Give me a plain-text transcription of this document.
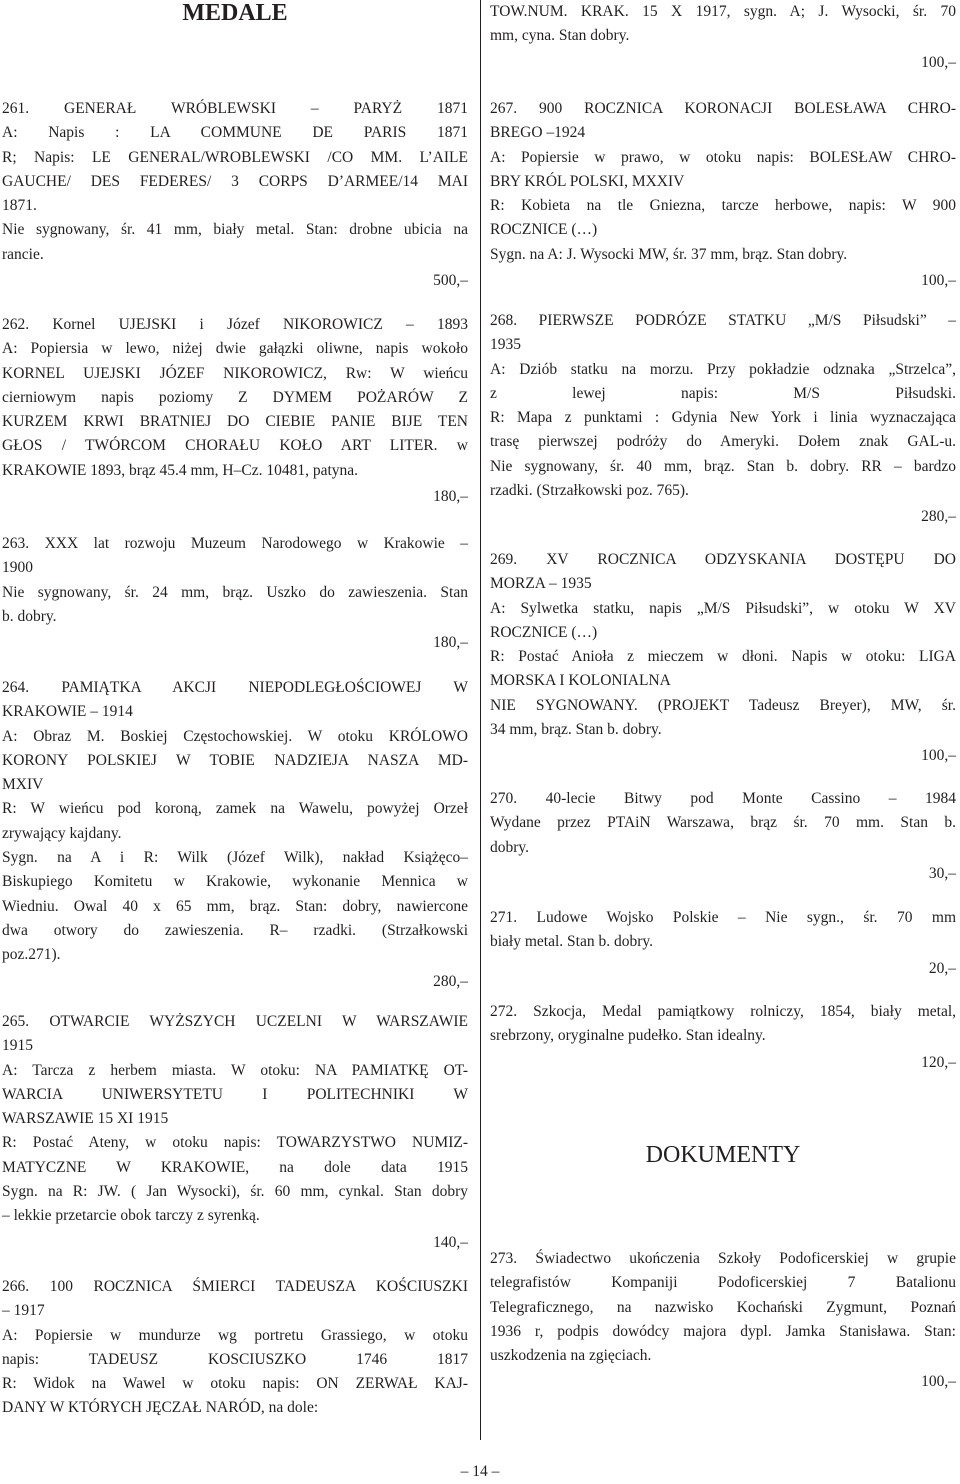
MEDALE
261. GENERAŁ WRÓBLEWSKI – PARYŻ 1871
A: Napis : LA COMMUNE DE PARIS 1871
R; Napis: LE GENERAL/WROBLEWSKI /CO MM. L’AILE
GAUCHE/ DES FEDERES/ 3 CORPS D’ARMEE/14 MAI
1871.
Nie sygnowany, śr. 41 mm, biały metal. Stan: drobne ubicia na
rancie.
500,–
262. Kornel UJEJSKI i Józef NIKOROWICZ – 1893
A: Popiersia w lewo, niżej dwie gałązki oliwne, napis wokoło
KORNEL UJEJSKI JÓZEF NIKOROWICZ, Rw: W wieńcu
cierniowym napis poziomy Z DYMEM POŻARÓW Z
KURZEM KRWI BRATNIEJ DO CIEBIE PANIE BIJE TEN
GŁOS / TWÓRCOM CHORAŁU KOŁO ART LITER. w
KRAKOWIE 1893, brąz 45.4 mm, H–Cz. 10481, patyna.
180,–
263. XXX lat rozwoju Muzeum Narodowego w Krakowie –
1900
Nie sygnowany, śr. 24 mm, brąz. Uszko do zawieszenia. Stan
b. dobry.
180,–
264. PAMIĄTKA AKCJI NIEPODLEGŁOŚCIOWEJ W
KRAKOWIE – 1914
A: Obraz M. Boskiej Częstochowskiej. W otoku KRÓLOWO
KORONY POLSKIEJ W TOBIE NADZIEJA NASZA MD-
MXIV
R: W wieńcu pod koroną, zamek na Wawelu, powyżej Orzeł
zrywający kajdany.
Sygn. na A i R: Wilk (Józef Wilk), nakład Książęco–
Biskupiego Komitetu w Krakowie, wykonanie Mennica w
Wiedniu. Owal 40 x 65 mm, brąz. Stan: dobry, nawiercone
dwa otwory do zawieszenia. R– rzadki. (Strzałkowski
poz.271).
280,–
265. OTWARCIE WYŻSZYCH UCZELNI W WARSZAWIE
1915
A: Tarcza z herbem miasta. W otoku: NA PAMIATKĘ OT-
WARCIA UNIWERSYTETU I POLITECHNIKI W
WARSZAWIE 15 XI 1915
R: Postać Ateny, w otoku napis: TOWARZYSTWO NUMIZ-
MATYCZNE W KRAKOWIE, na dole data 1915
Sygn. na R: JW. ( Jan Wysocki), śr. 60 mm, cynkal. Stan dobry
– lekkie przetarcie obok tarczy z syrenką.
140,–
266. 100 ROCZNICA ŚMIERCI TADEUSZA KOŚCIUSZKI
– 1917
A: Popiersie w mundurze wg portretu Grassiego, w otoku
napis: TADEUSZ KOSCIUSZKO 1746 1817
R: Widok na Wawel w otoku napis: ON ZERWAŁ KAJ-
DANY W KTÓRYCH JĘCZAŁ NARÓD, na dole:
DOKUMENTY
TOW.NUM. KRAK. 15 X 1917, sygn. A; J. Wysocki, śr. 70
mm, cyna. Stan dobry.
100,–
267. 900 ROCZNICA KORONACJI BOLESŁAWA CHRO-
BREGO –1924
A: Popiersie w prawo, w otoku napis: BOLESŁAW CHRO-
BRY KRÓL POLSKI, MXXIV
R: Kobieta na tle Gniezna, tarcze herbowe, napis: W 900
ROCZNICE (…)
Sygn. na A: J. Wysocki MW, śr. 37 mm, brąz. Stan dobry.
100,–
268. PIERWSZE PODRÓZE STATKU „M/S Piłsudski” –
1935
A: Dziób statku na morzu. Przy pokładzie odznaka „Strzelca”,
z lewej napis: M/S Piłsudski.
R: Mapa z punktami : Gdynia New York i linia wyznaczająca
trasę pierwszej podróży do Ameryki. Dołem znak GAL-u.
Nie sygnowany, śr. 40 mm, brąz. Stan b. dobry. RR – bardzo
rzadki. (Strzałkowski poz. 765).
280,–
269. XV ROCZNICA ODZYSKANIA DOSTĘPU DO
MORZA – 1935
A: Sylwetka statku, napis „M/S Piłsudski”, w otoku W XV
ROCZNICE (…)
R: Postać Anioła z mieczem w dłoni. Napis w otoku: LIGA
MORSKA I KOLONIALNA
NIE SYGNOWANY. (PROJEKT Tadeusz Breyer), MW, śr.
34 mm, brąz. Stan b. dobry.
100,–
270. 40-lecie Bitwy pod Monte Cassino – 1984
Wydane przez PTAiN Warszawa, brąz śr. 70 mm. Stan b.
dobry.
30,–
271. Ludowe Wojsko Polskie – Nie sygn., śr. 70 mm
biały metal. Stan b. dobry.
20,–
272. Szkocja, Medal pamiątkowy rolniczy, 1854, biały metal,
srebrzony, oryginalne pudełko. Stan idealny.
120,–
273. Świadectwo ukończenia Szkoły Podoficerskiej w grupie
telegrafistów Kompaniji Podoficerskiej 7 Batalionu
Telegraficznego, na nazwisko Kochański Zygmunt, Poznań
1936 r, podpis dowódcy majora dypl. Jamka Stanisława. Stan:
uszkodzenia na zgięciach.
100,–
– 14 –
